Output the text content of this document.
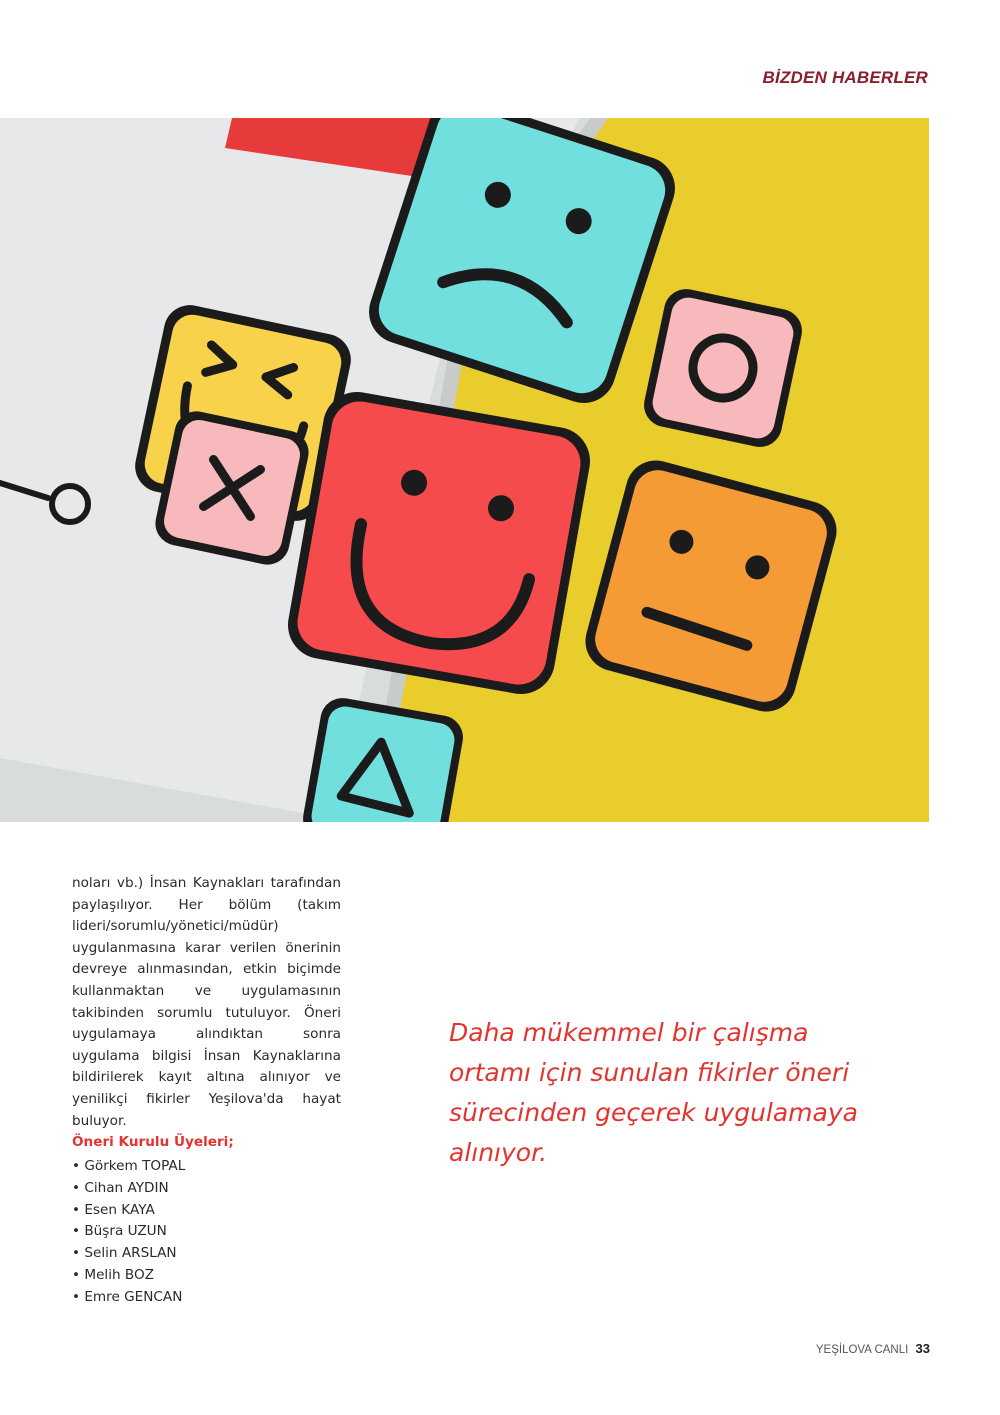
BİZDEN HABERLER

noları vb.) İnsan Kaynakları tarafından paylaşılıyor. Her bölüm (takım lideri/sorumlu/yönetici/müdür) uygulanmasına karar verilen önerinin devreye alınmasından, etkin biçimde kullanmaktan ve uygulamasının takibinden sorumlu tutuluyor. Öneri uygulamaya alındıktan sonra uygulama bilgisi İnsan Kaynaklarına bildirilerek kayıt altına alınıyor ve yenilikçi fikirler Yeşilova'da hayat buluyor.

Öneri Kurulu Üyeleri;
• Görkem TOPAL
• Cihan AYDIN
• Esen KAYA
• Büşra UZUN
• Selin ARSLAN
• Melih BOZ
• Emre GENCAN

Daha mükemmel bir çalışma ortamı için sunulan fikirler öneri sürecinden geçerek uygulamaya alınıyor.

YEŞİLOVA CANLI 33
